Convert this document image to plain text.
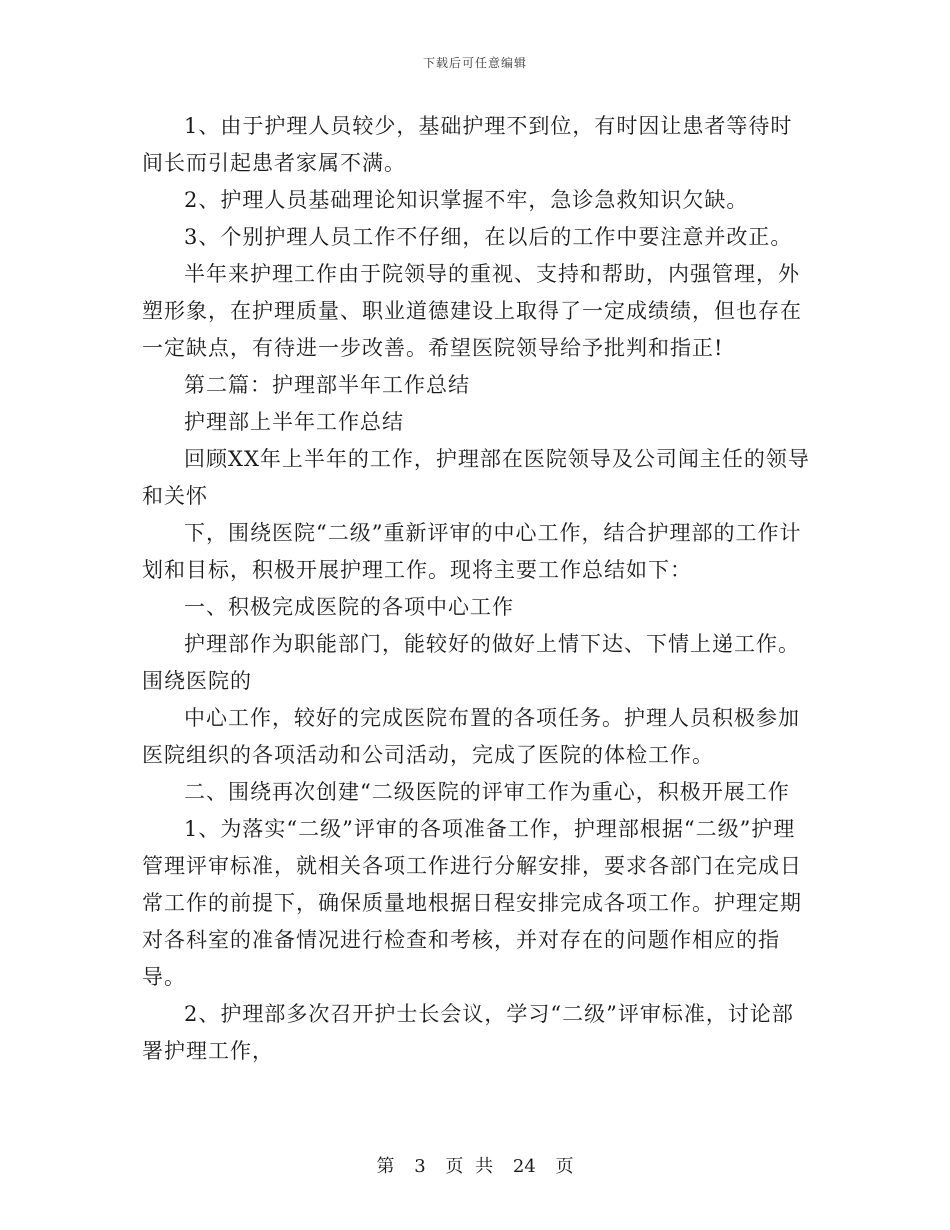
下载后可任意编辑

1、由于护理人员较少，基础护理不到位，有时因让患者等待时间长而引起患者家属不满。

2、护理人员基础理论知识掌握不牢，急诊急救知识欠缺。

3、个别护理人员工作不仔细，在以后的工作中要注意并改正。

半年来护理工作由于院领导的重视、支持和帮助，内强管理，外塑形象，在护理质量、职业道德建设上取得了一定成绩绩，但也存在一定缺点，有待进一步改善。希望医院领导给予批判和指正!

第二篇：护理部半年工作总结

护理部上半年工作总结

回顾XX年上半年的工作，护理部在医院领导及公司闻主任的领导和关怀

下，围绕医院“二级”重新评审的中心工作，结合护理部的工作计划和目标，积极开展护理工作。现将主要工作总结如下：

一、积极完成医院的各项中心工作

护理部作为职能部门，能较好的做好上情下达、下情上递工作。围绕医院的

中心工作，较好的完成医院布置的各项任务。护理人员积极参加医院组织的各项活动和公司活动，完成了医院的体检工作。

二、围绕再次创建“二级医院的评审工作为重心，积极开展工作

1、为落实“二级”评审的各项准备工作，护理部根据“二级”护理管理评审标准，就相关各项工作进行分解安排，要求各部门在完成日常工作的前提下，确保质量地根据日程安排完成各项工作。护理定期对各科室的准备情况进行检查和考核，并对存在的问题作相应的指导。

2、护理部多次召开护士长会议，学习“二级”评审标准，讨论部署护理工作，

第 3 页 共 24 页
